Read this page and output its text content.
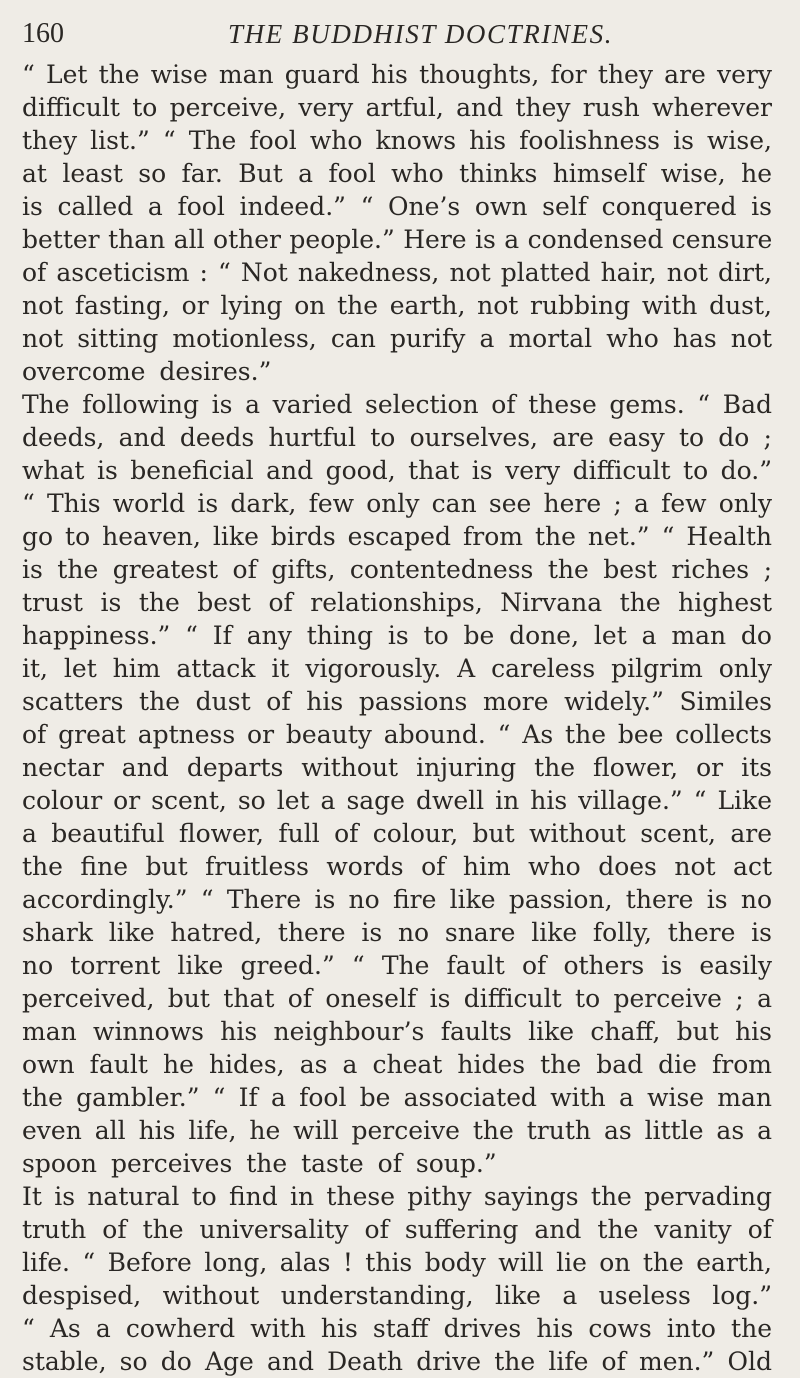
160	THE BUDDHIST DOCTRINES.
“ Let the wise man guard his thoughts, for they are very
difficult to perceive, very artful, and they rush wherever
they list.” “ The fool who knows his foolishness is wise,
at least so far. But a fool who thinks himself wise, he
is called a fool indeed.” “ One’s own self conquered is
better than all other people.” Here is a condensed censure
of asceticism : “ Not nakedness, not platted hair, not dirt,
not fasting, or lying on the earth, not rubbing with dust,
not sitting motionless, can purify a mortal who has not
overcome desires.”
The following is a varied selection of these gems. “ Bad
deeds, and deeds hurtful to ourselves, are easy to do ;
what is beneficial and good, that is very difficult to do.”
“ This world is dark, few only can see here ; a few only
go to heaven, like birds escaped from the net.” “ Health
is the greatest of gifts, contentedness the best riches ;
trust is the best of relationships, Nirvana the highest
happiness.” “ If any thing is to be done, let a man do
it, let him attack it vigorously. A careless pilgrim only
scatters the dust of his passions more widely.” Similes
of great aptness or beauty abound. “ As the bee collects
nectar and departs without injuring the flower, or its
colour or scent, so let a sage dwell in his village.” “ Like
a beautiful flower, full of colour, but without scent, are
the fine but fruitless words of him who does not act
accordingly.” “ There is no fire like passion, there is no
shark like hatred, there is no snare like folly, there is
no torrent like greed.” “ The fault of others is easily
perceived, but that of oneself is difficult to perceive ; a
man winnows his neighbour’s faults like chaff, but his
own fault he hides, as a cheat hides the bad die from
the gambler.” “ If a fool be associated with a wise man
even all his life, he will perceive the truth as little as a
spoon perceives the taste of soup.”
It is natural to find in these pithy sayings the pervading
truth of the universality of suffering and the vanity of
life. “ Before long, alas ! this body will lie on the earth,
despised, without understanding, like a useless log.”
“ As a cowherd with his staff drives his cows into the
stable, so do Age and Death drive the life of men.” Old
